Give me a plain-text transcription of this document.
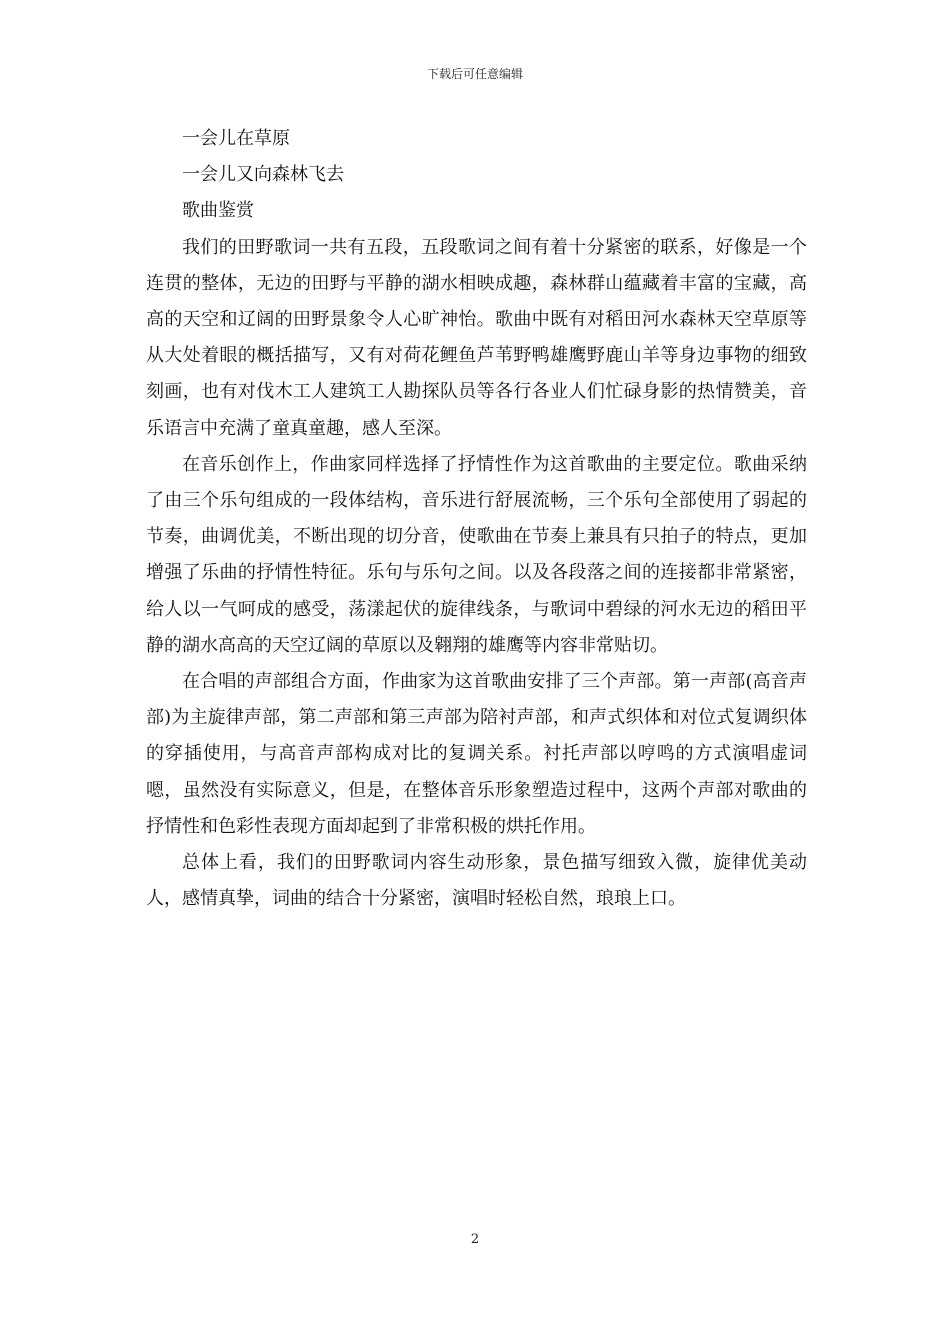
下载后可任意编辑

一会儿在草原

一会儿又向森林飞去

歌曲鉴赏

我们的田野歌词一共有五段，五段歌词之间有着十分紧密的联系，好像是一个连贯的整体，无边的田野与平静的湖水相映成趣，森林群山蕴藏着丰富的宝藏，高高的天空和辽阔的田野景象令人心旷神怡。歌曲中既有对稻田河水森林天空草原等从大处着眼的概括描写，又有对荷花鲤鱼芦苇野鸭雄鹰野鹿山羊等身边事物的细致刻画，也有对伐木工人建筑工人勘探队员等各行各业人们忙碌身影的热情赞美，音乐语言中充满了童真童趣，感人至深。

在音乐创作上，作曲家同样选择了抒情性作为这首歌曲的主要定位。歌曲采纳了由三个乐句组成的一段体结构，音乐进行舒展流畅，三个乐句全部使用了弱起的节奏，曲调优美，不断出现的切分音，使歌曲在节奏上兼具有只拍子的特点，更加增强了乐曲的抒情性特征。乐句与乐句之间。以及各段落之间的连接都非常紧密，给人以一气呵成的感受，荡漾起伏的旋律线条，与歌词中碧绿的河水无边的稻田平静的湖水高高的天空辽阔的草原以及翱翔的雄鹰等内容非常贴切。

在合唱的声部组合方面，作曲家为这首歌曲安排了三个声部。第一声部(高音声部)为主旋律声部，第二声部和第三声部为陪衬声部，和声式织体和对位式复调织体的穿插使用，与高音声部构成对比的复调关系。衬托声部以哼鸣的方式演唱虚词嗯，虽然没有实际意义，但是，在整体音乐形象塑造过程中，这两个声部对歌曲的抒情性和色彩性表现方面却起到了非常积极的烘托作用。

总体上看，我们的田野歌词内容生动形象，景色描写细致入微，旋律优美动人，感情真挚，词曲的结合十分紧密，演唱时轻松自然，琅琅上口。

2
